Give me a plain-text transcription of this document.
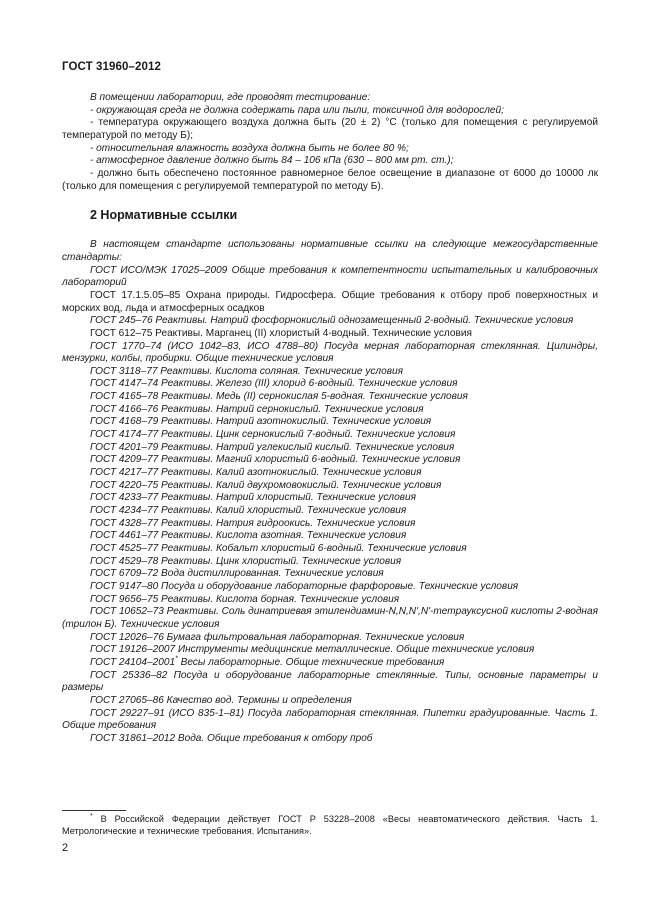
ГОСТ 31960–2012

В помещении лаборатории, где проводят тестирование:

- окружающая среда не должна содержать пара или пыли, токсичной для водорослей;

- температура окружающего воздуха должна быть (20 ± 2) °С (только для помещения с регулируемой температурой по методу Б);

- относительная влажность воздуха должна быть не более 80 %;

- атмосферное давление должно быть 84 – 106 кПа (630 – 800 мм рт. ст.);

- должно быть обеспечено постоянное равномерное белое освещение в диапазоне от 6000 до 10000 лк (только для помещения с регулируемой температурой по методу Б).

2 Нормативные ссылки

В настоящем стандарте использованы нормативные ссылки на следующие межгосударственные стандарты:

ГОСТ ИСО/МЭК 17025–2009 Общие требования к компетентности испытательных и калибровочных лабораторий

ГОСТ 17.1.5.05–85 Охрана природы. Гидросфера. Общие требования к отбору проб поверхностных и морских вод, льда и атмосферных осадков

ГОСТ 245–76 Реактивы. Натрий фосфорнокислый однозамещенный 2-водный. Технические условия

ГОСТ 612–75 Реактивы. Марганец (II) хлористый 4-водный. Технические условия

ГОСТ 1770–74 (ИСО 1042–83, ИСО 4788–80) Посуда мерная лабораторная стеклянная. Цилиндры, мензурки, колбы, пробирки. Общие технические условия

ГОСТ 3118–77 Реактивы. Кислота соляная. Технические условия

ГОСТ 4147–74 Реактивы. Железо (III) хлорид 6-водный. Технические условия

ГОСТ 4165–78 Реактивы. Медь (II) сернокислая 5-водная. Технические условия

ГОСТ 4166–76 Реактивы. Натрий сернокислый. Технические условия

ГОСТ 4168–79 Реактивы. Натрий азотнокислый. Технические условия

ГОСТ 4174–77 Реактивы. Цинк сернокислый 7-водный. Технические условия

ГОСТ 4201–79 Реактивы. Натрий углекислый кислый. Технические условия

ГОСТ 4209–77 Реактивы. Магний хлористый 6-водный. Технические условия

ГОСТ 4217–77 Реактивы. Калий азотнокислый. Технические условия

ГОСТ 4220–75 Реактивы. Калий двухромовокислый. Технические условия

ГОСТ 4233–77 Реактивы. Натрий хлористый. Технические условия

ГОСТ 4234–77 Реактивы. Калий хлористый. Технические условия

ГОСТ 4328–77 Реактивы. Натрия гидроокись. Технические условия

ГОСТ 4461–77 Реактивы. Кислота азотная. Технические условия

ГОСТ 4525–77 Реактивы. Кобальт хлористый 6-водный. Технические условия

ГОСТ 4529–78 Реактивы. Цинк хлористый. Технические условия

ГОСТ 6709–72 Вода дистиллированная. Технические условия

ГОСТ 9147–80 Посуда и оборудование лабораторные фарфоровые. Технические условия

ГОСТ 9656–75 Реактивы. Кислота борная. Технические условия

ГОСТ 10652–73 Реактивы. Соль динатриевая этилендиамин-N,N,N',N'-тетрауксусной кислоты 2-водная (трилон Б). Технические условия

ГОСТ 12026–76 Бумага фильтровальная лабораторная. Технические условия

ГОСТ 19126–2007 Инструменты медицинские металлические. Общие технические условия

ГОСТ 24104–2001* Весы лабораторные. Общие технические требования

ГОСТ 25336–82 Посуда и оборудование лабораторные стеклянные. Типы, основные параметры и размеры

ГОСТ 27065–86 Качество вод. Термины и определения

ГОСТ 29227–91 (ИСО 835-1–81) Посуда лабораторная стеклянная. Пипетки градуированные. Часть 1. Общие требования

ГОСТ 31861–2012 Вода. Общие требования к отбору проб

* В Российской Федерации действует ГОСТ Р 53228–2008 «Весы неавтоматического действия. Часть 1. Метрологические и технические требования. Испытания».
2
